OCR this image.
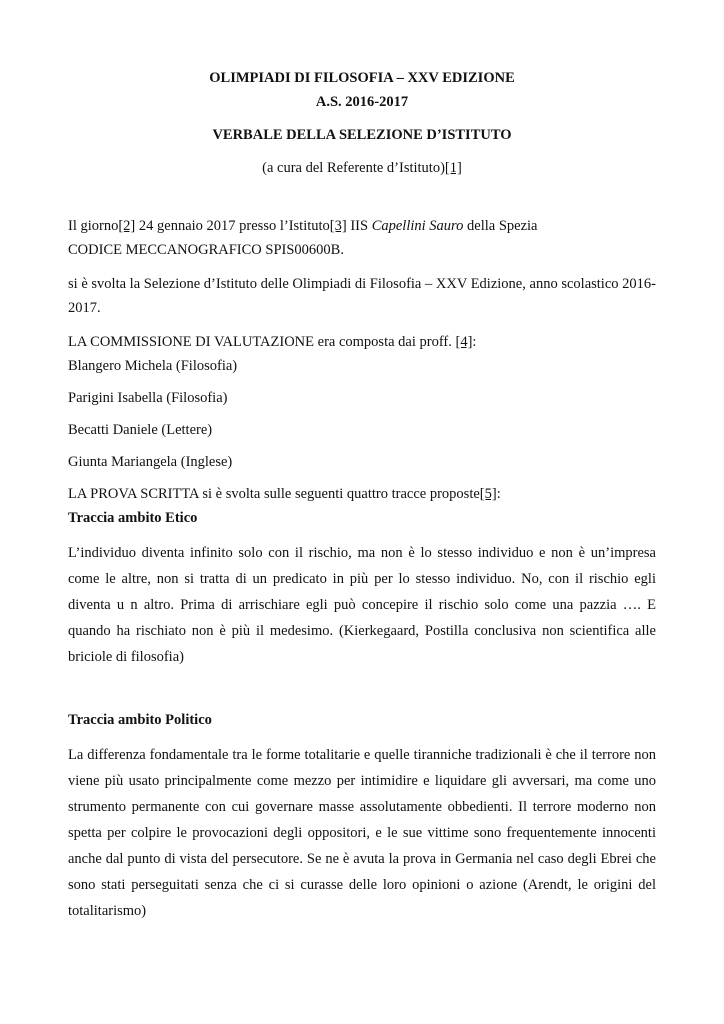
OLIMPIADI DI FILOSOFIA – XXV EDIZIONE
A.S. 2016-2017
VERBALE DELLA SELEZIONE D’ISTITUTO
(a cura del Referente d’Istituto)[1]

Il giorno[2] 24 gennaio 2017 presso l’Istituto[3] IIS Capellini Sauro della Spezia

CODICE MECCANOGRAFICO SPIS00600B.

si è svolta la Selezione d’Istituto delle Olimpiadi di Filosofia – XXV Edizione, anno scolastico 2016-2017.

LA COMMISSIONE DI VALUTAZIONE era composta dai proff. [4]:

Blangero Michela (Filosofia)

Parigini Isabella (Filosofia)

Becatti Daniele (Lettere)

Giunta Mariangela (Inglese)

LA PROVA SCRITTA si è svolta sulle seguenti quattro tracce proposte[5]:

Traccia ambito Etico

L’individuo diventa infinito solo con il rischio, ma non è lo stesso individuo e non è un’impresa come le altre, non si tratta di un predicato in più per lo stesso individuo. No, con il rischio egli diventa u n altro. Prima di arrischiare egli può concepire il rischio solo come una pazzia …. E quando ha rischiato non è più il medesimo. (Kierkegaard, Postilla conclusiva non scientifica alle briciole di filosofia)

Traccia ambito Politico

La differenza fondamentale tra le forme totalitarie e quelle tiranniche tradizionali è che il terrore non viene più usato principalmente come mezzo per intimidire e liquidare gli avversari, ma come uno strumento permanente con cui governare masse assolutamente obbedienti. Il terrore moderno non spetta per colpire le provocazioni degli oppositori, e le sue vittime sono frequentemente innocenti anche dal punto di vista del persecutore. Se ne è avuta la prova in Germania nel caso degli Ebrei che sono stati perseguitati senza che ci si curasse delle loro opinioni o azione (Arendt, le origini del totalitarismo)
